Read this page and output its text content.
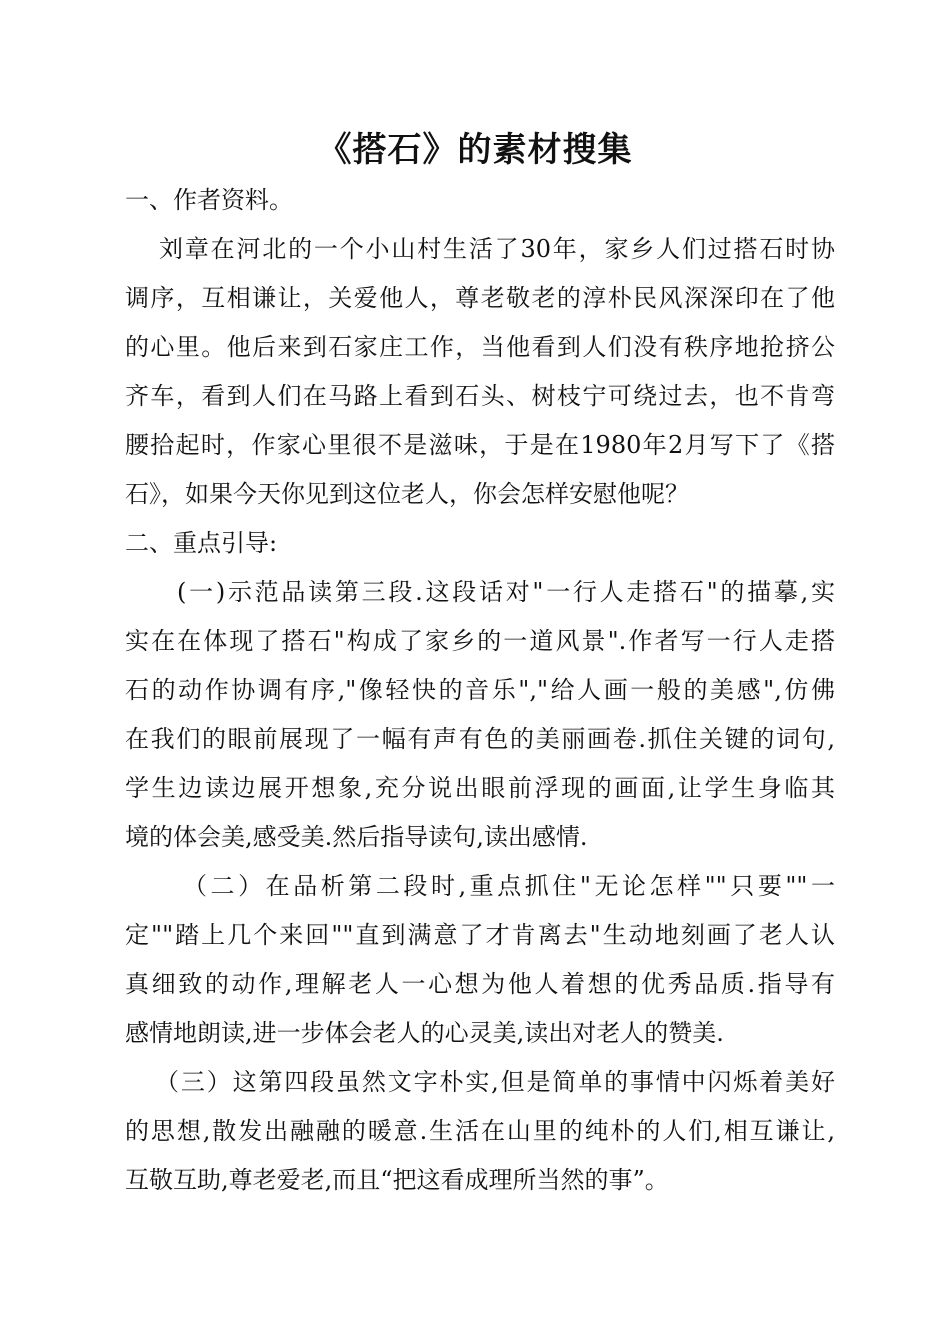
《搭石》的素材搜集
一、作者资料。
刘章在河北的一个小山村生活了30年，家乡人们过搭石时协
调序，互相谦让，关爱他人，尊老敬老的淳朴民风深深印在了他
的心里。他后来到石家庄工作，当他看到人们没有秩序地抢挤公
齐车，看到人们在马路上看到石头、树枝宁可绕过去，也不肯弯
腰拾起时，作家心里很不是滋味，于是在1980年2月写下了《搭
石》，如果今天你见到这位老人，你会怎样安慰他呢？
二、重点引导:
(一)示范品读第三段.这段话对"一行人走搭石"的描摹,实
实在在体现了搭石"构成了家乡的一道风景".作者写一行人走搭
石的动作协调有序,"像轻快的音乐","给人画一般的美感",仿佛
在我们的眼前展现了一幅有声有色的美丽画卷.抓住关键的词句,
学生边读边展开想象,充分说出眼前浮现的画面,让学生身临其
境的体会美,感受美.然后指导读句,读出感情.
（二）在品析第二段时,重点抓住"无论怎样""只要""一
定""踏上几个来回""直到满意了才肯离去"生动地刻画了老人认
真细致的动作,理解老人一心想为他人着想的优秀品质.指导有
感情地朗读,进一步体会老人的心灵美,读出对老人的赞美.
（三）这第四段虽然文字朴实,但是简单的事情中闪烁着美好
的思想,散发出融融的暖意.生活在山里的纯朴的人们,相互谦让,
互敬互助,尊老爱老,而且“把这看成理所当然的事”。
